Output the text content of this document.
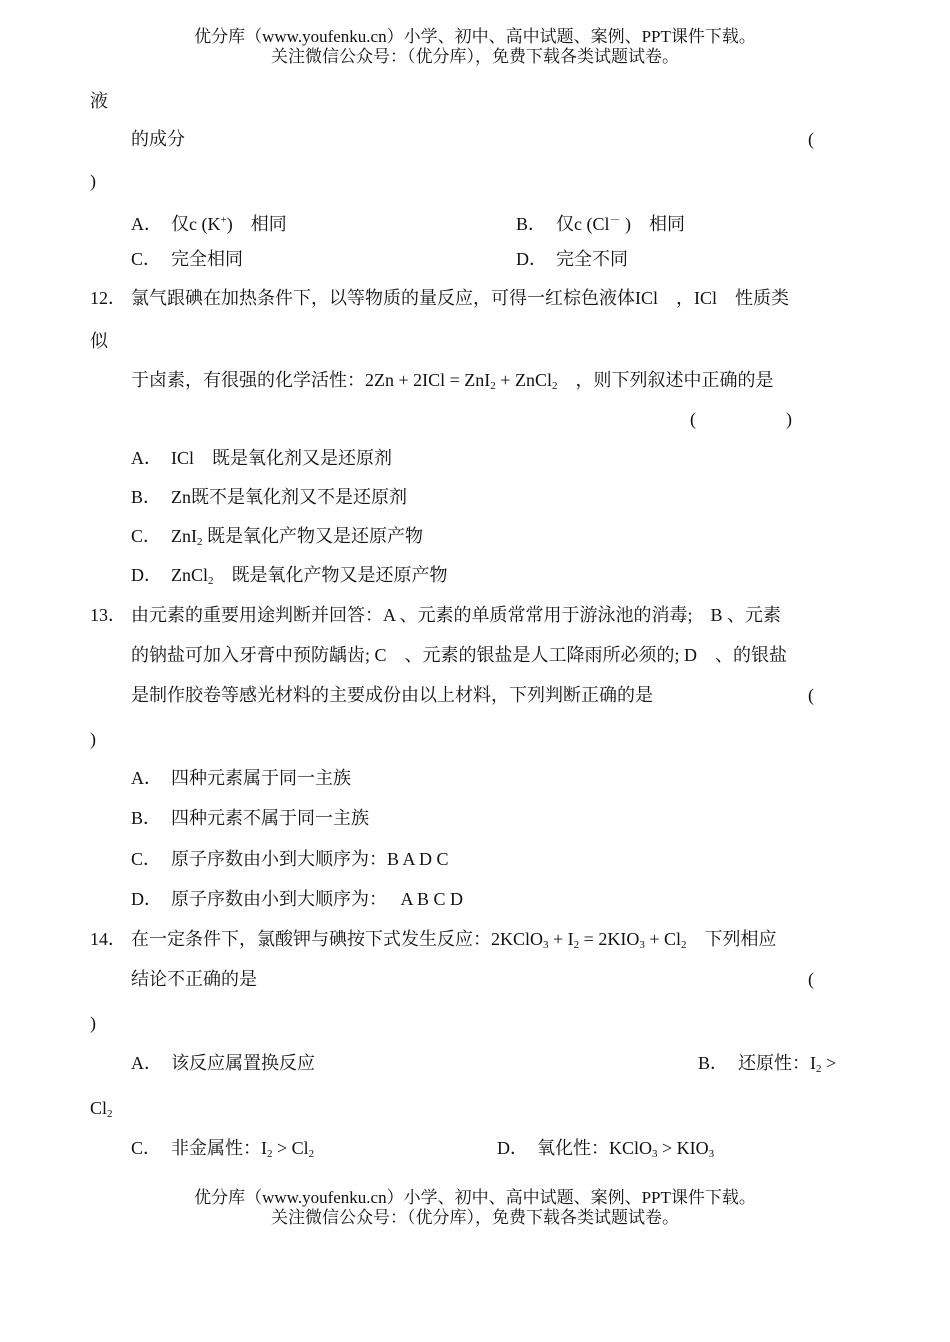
优分库（www.youfenku.cn）小学、初中、高中试题、案例、PPT课件下载。
关注微信公众号：（优分库），免费下载各类试题试卷。
液
的成分	(
)
A． 仅c (K+)　 相同	B． 仅c (Cl－ )　 相同
C． 完全相同	D． 完全不同
12． 氯气跟碘在加热条件下，以等物质的量反应，可得一红棕色液体ICl　，ICl　性质类
似
于卤素，有很强的化学活性：2Zn + 2ICl = ZnI$_2$ + ZnCl$_2$　，则下列叙述中正确的是
(　　　　　)
A． ICl　既是氧化剂又是还原剂
B． Zn既不是氧化剂又不是还原剂
C． ZnI$_2$ 既是氧化产物又是还原产物
D． ZnCl$_2$　既是氧化产物又是还原产物
13． 由元素的重要用途判断并回答：A 、元素的单质常常用于游泳池的消毒;　B 、元素
的钠盐可加入牙膏中预防龋齿; C　、元素的银盐是人工降雨所必须的; D　、的银盐
是制作胶卷等感光材料的主要成份由以上材料，下列判断正确的是	(
)
A． 四种元素属于同一主族
B． 四种元素不属于同一主族
C． 原子序数由小到大顺序为：B A D C
D． 原子序数由小到大顺序为：　 A B C D
14． 在一定条件下，氯酸钾与碘按下式发生反应：2KClO$_3$ + $I_2 = 2KIO_3 + Cl_2$　下列相应
结论不正确的是	(
)
A． 该反应属置换反应	B． 还原性：$I_2$ >
$Cl_2$
C． 非金属性：$I_2 > Cl_2$	D． 氧化性：KClO$_3$ > $KIO_3$
优分库（www.youfenku.cn）小学、初中、高中试题、案例、PPT课件下载。
关注微信公众号：（优分库），免费下载各类试题试卷。
